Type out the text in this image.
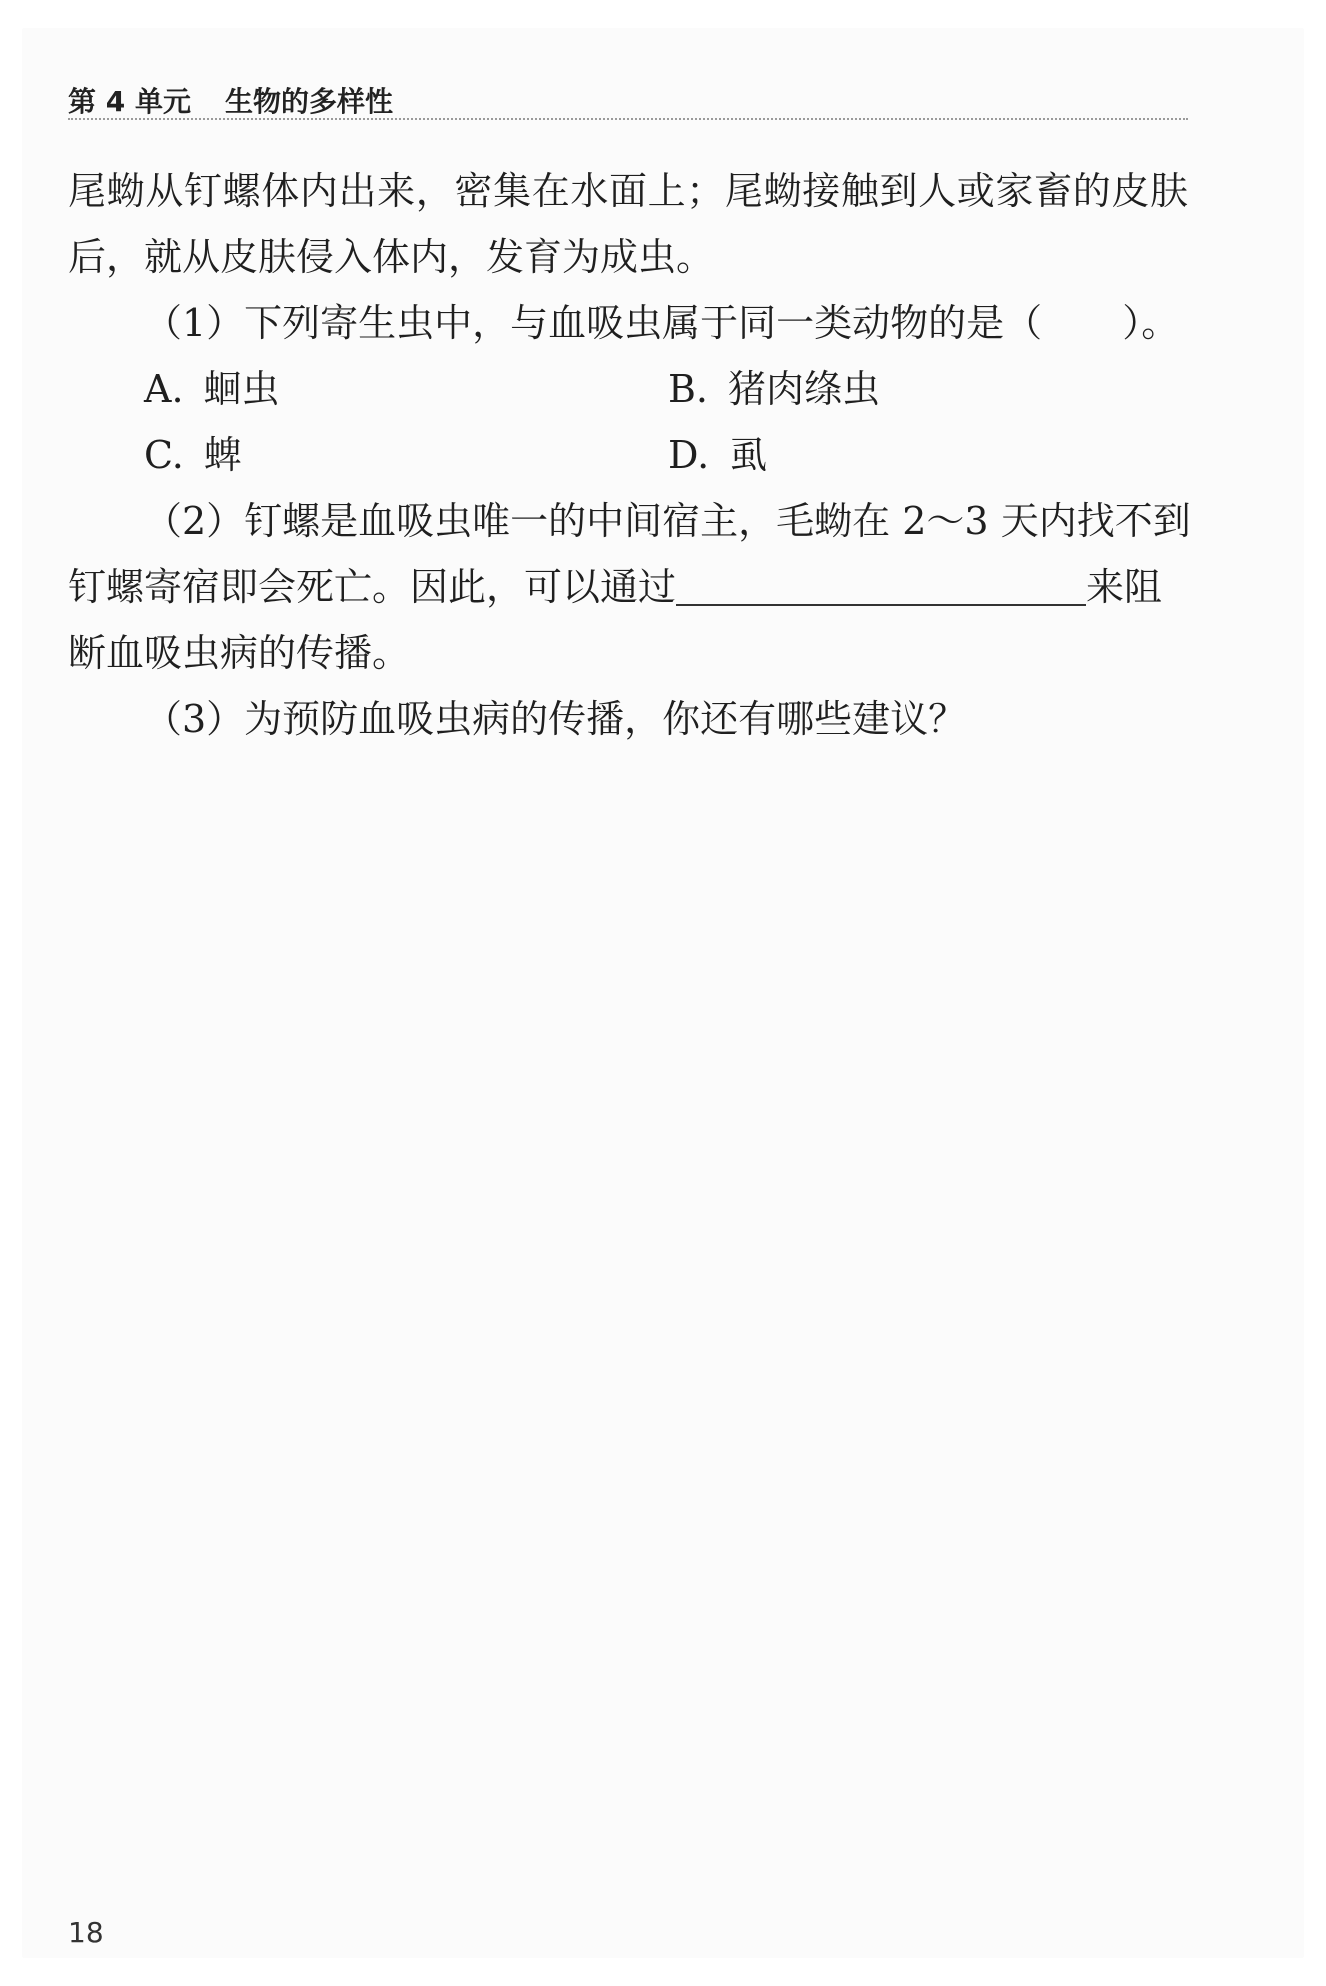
第 4 单元 生物的多样性
尾蚴从钉螺体内出来，密集在水面上；尾蚴接触到人或家畜的皮肤
后，就从皮肤侵入体内，发育为成虫。
（1）下列寄生虫中，与血吸虫属于同一类动物的是（ ）。
A. 蛔虫	B. 猪肉绦虫
C. 蜱	D. 虱
（2）钉螺是血吸虫唯一的中间宿主，毛蚴在 2～3 天内找不到
钉螺寄宿即会死亡。因此，可以通过	来阻
断血吸虫病的传播。
（3）为预防血吸虫病的传播，你还有哪些建议？
18
